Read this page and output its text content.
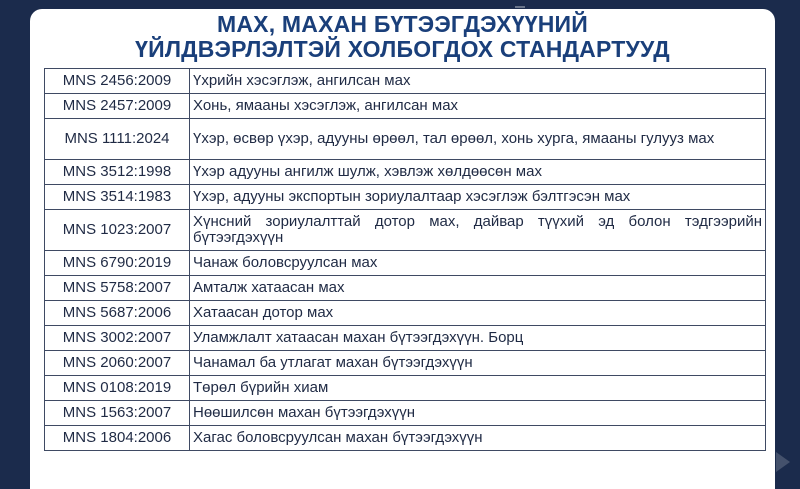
МАХ, МАХАН БҮТЭЭГДЭХҮҮНИЙ
ҮЙЛДВЭРЛЭЛТЭЙ ХОЛБОГДОХ СТАНДАРТУУД
MNS 2456:2009	Үхрийн хэсэглэж, ангилсан мах
MNS 2457:2009	Хонь, ямааны хэсэглэж, ангилсан мах
MNS 1111:2024	Үхэр, өсвөр үхэр, адууны өрөөл, тал өрөөл, хонь хурга, ямааны гулууз мах
MNS 3512:1998	Үхэр адууны ангилж шулж, хэвлэж хөлдөөсөн мах
MNS 3514:1983	Үхэр, адууны экспортын зориулалтаар хэсэглэж бэлтгэсэн мах
MNS 1023:2007	Хүнсний зориулалттай дотор мах, дайвар түүхий эд болон тэдгээрийн бүтээгдэхүүн
MNS 6790:2019	Чанаж боловсруулсан мах
MNS 5758:2007	Амталж хатаасан мах
MNS 5687:2006	Хатаасан дотор мах
MNS 3002:2007	Уламжлалт хатаасан махан бүтээгдэхүүн. Борц
MNS 2060:2007	Чанамал ба утлагат махан бүтээгдэхүүн
MNS 0108:2019	Төрөл бүрийн хиам
MNS 1563:2007	Нөөшилсөн махан бүтээгдэхүүн
MNS 1804:2006	Хагас боловсруулсан махан бүтээгдэхүүн
